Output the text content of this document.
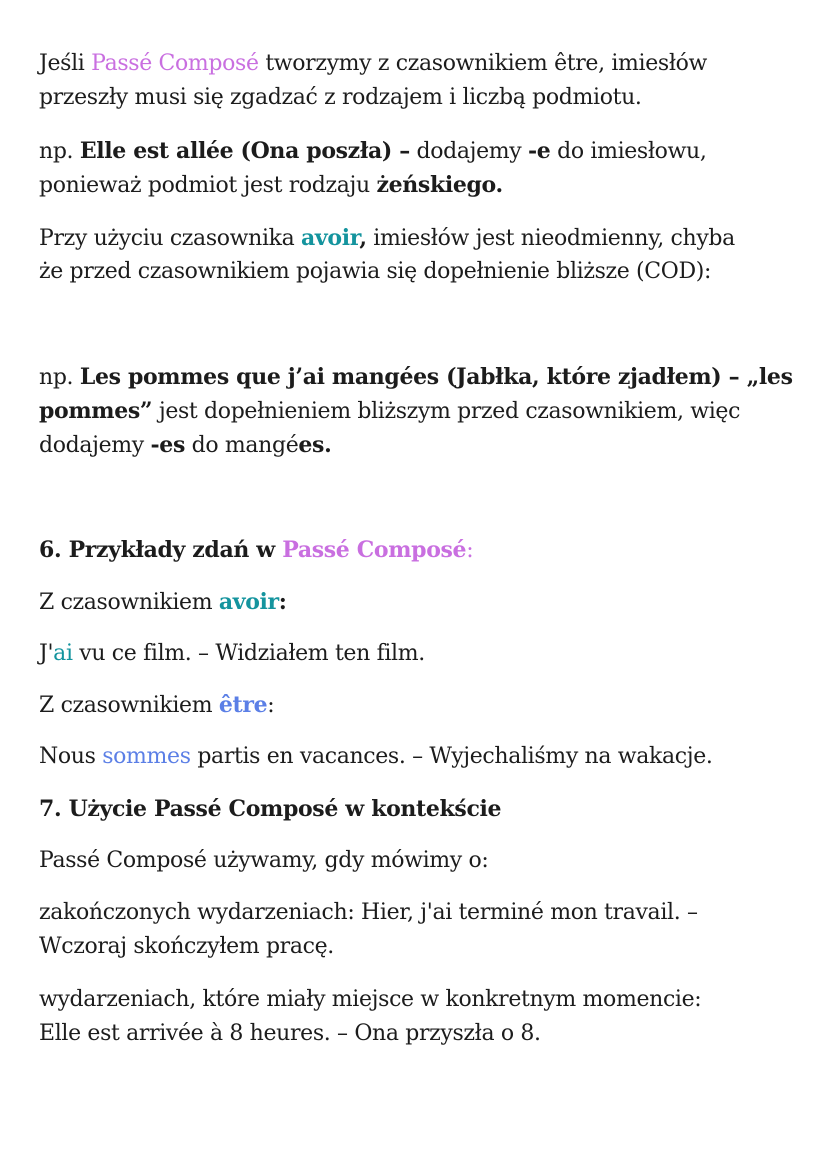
Jeśli Passé Composé tworzymy z czasownikiem être, imiesłów

przeszły musi się zgadzać z rodzajem i liczbą podmiotu.

np. Elle est allée (Ona poszła) – dodajemy -e do imiesłowu,

ponieważ podmiot jest rodzaju żeńskiego.

Przy użyciu czasownika avoir, imiesłów jest nieodmienny, chyba

że przed czasownikiem pojawia się dopełnienie bliższe (COD):

np. Les pommes que j’ai mangées (Jabłka, które zjadłem) – „les

pommes” jest dopełnieniem bliższym przed czasownikiem, więc

dodajemy -es do mangées.

6. Przykłady zdań w Passé Composé:

Z czasownikiem avoir:

J'ai vu ce film. – Widziałem ten film.

Z czasownikiem être:

Nous sommes partis en vacances. – Wyjechaliśmy na wakacje.

7. Użycie Passé Composé w kontekście

Passé Composé używamy, gdy mówimy o:

zakończonych wydarzeniach: Hier, j'ai terminé mon travail. –

Wczoraj skończyłem pracę.

wydarzeniach, które miały miejsce w konkretnym momencie:

Elle est arrivée à 8 heures. – Ona przyszła o 8.
